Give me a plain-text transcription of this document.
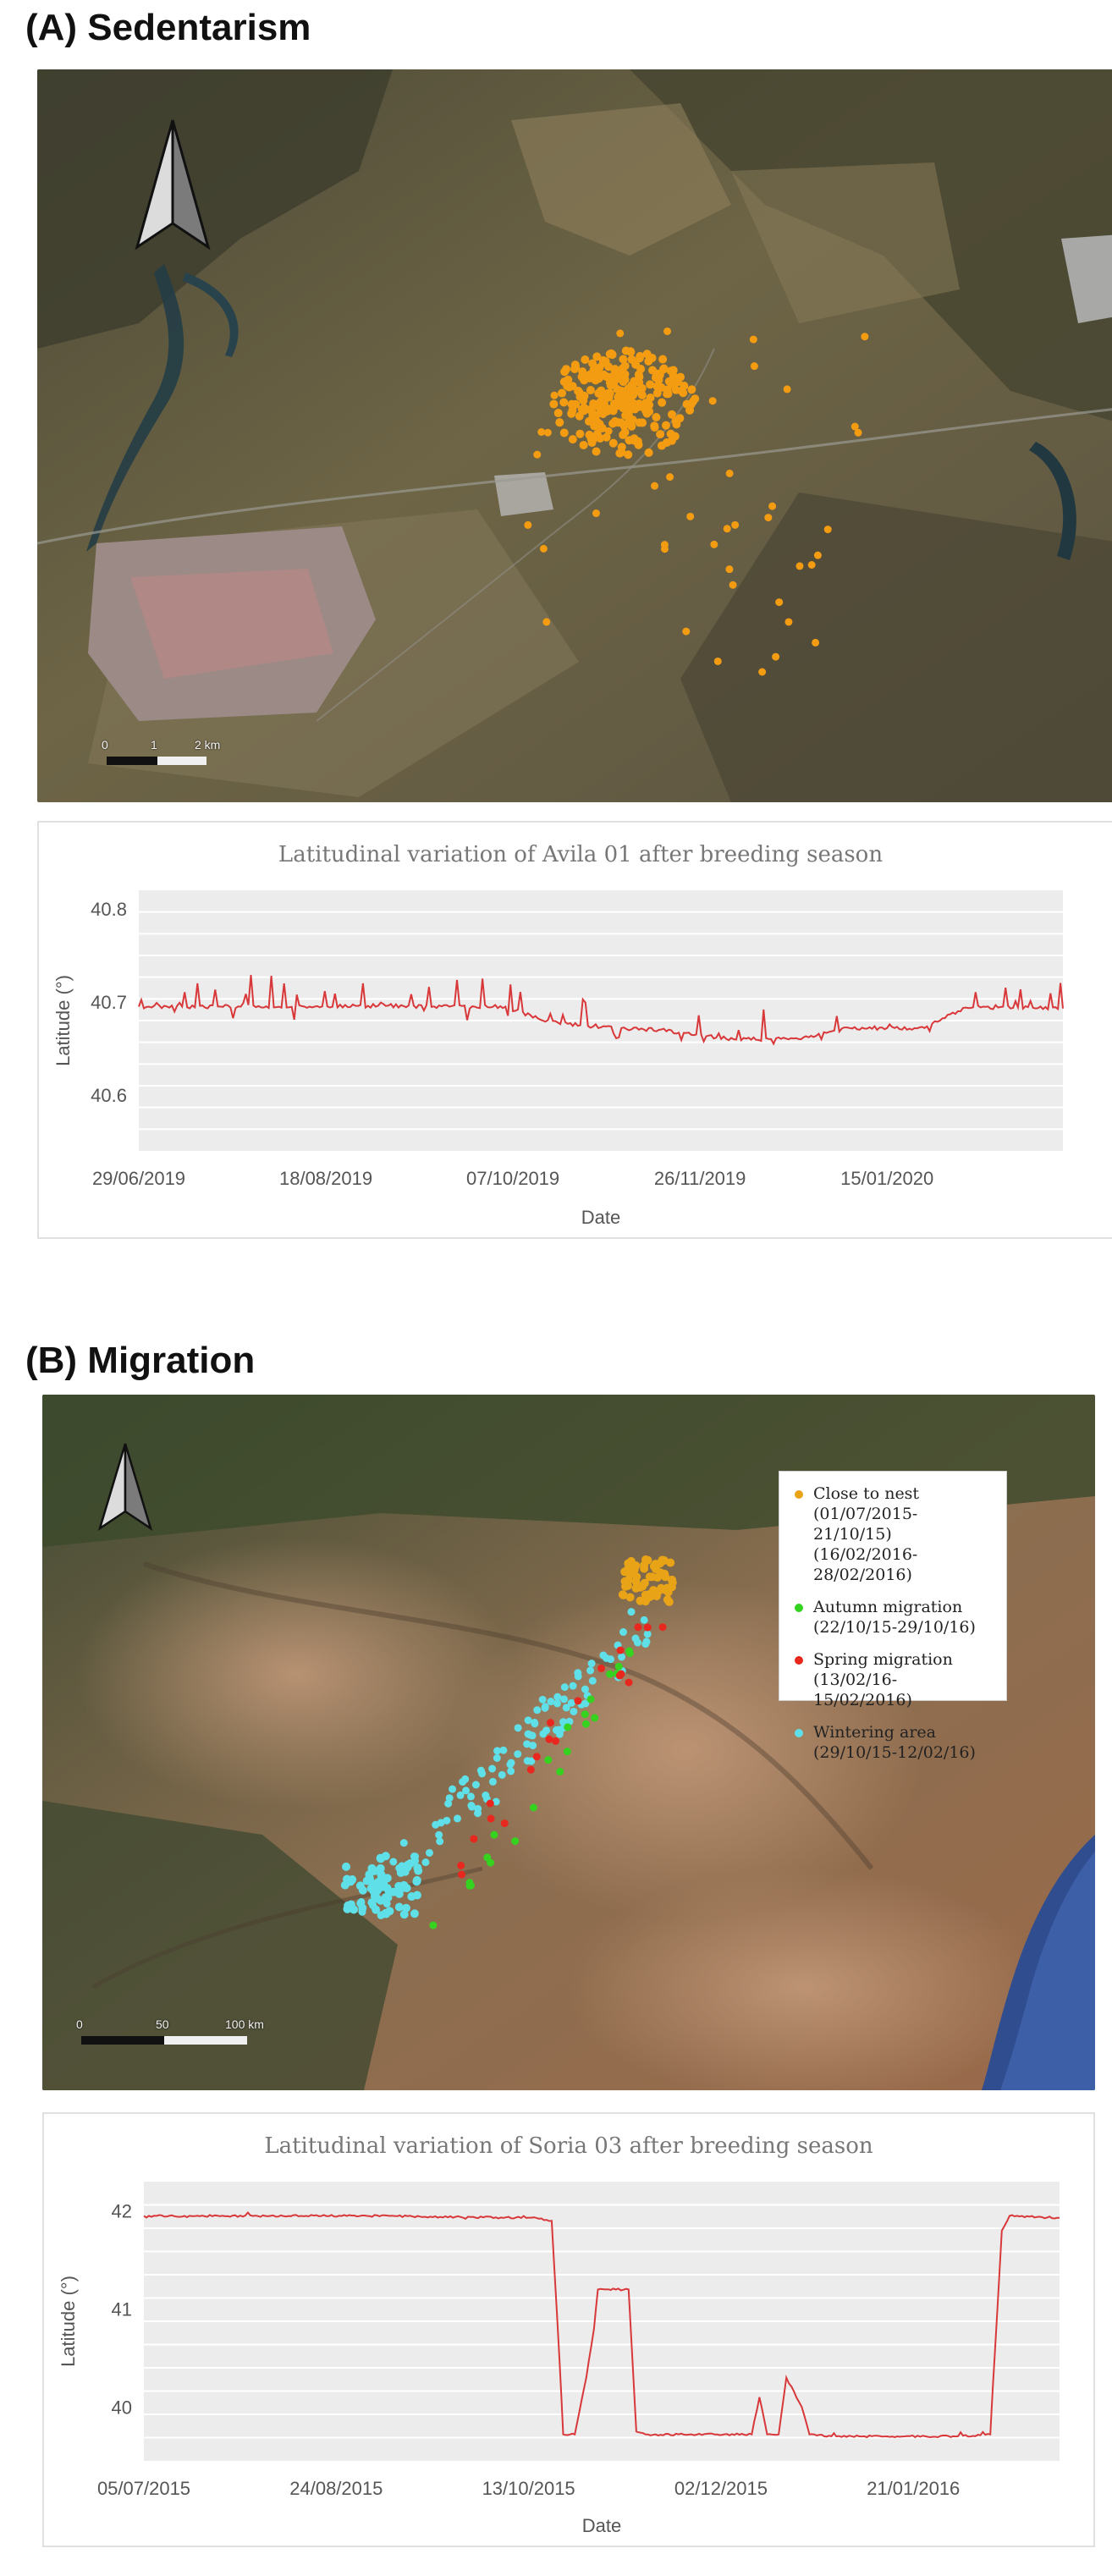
(A) Sedentarism
0	1	2 km
Latitudinal variation of Avila 01 after breeding season
40.8
40.7
40.6
29/06/2019	18/08/2019	07/10/2019	26/11/2019	15/01/2020
Date
Latitude (°)
(B) Migration
0	50	100 km
Close to nest
(01/07/2015-21/10/15)
(16/02/2016-28/02/2016)
Autumn migration
(22/10/15-29/10/16)
Spring migration
(13/02/16-15/02/2016)
Wintering area
(29/10/15-12/02/16)
Latitudinal variation of Soria 03 after breeding season
42
41
40
05/07/2015	24/08/2015	13/10/2015	02/12/2015	21/01/2016
Date
Latitude (°)
